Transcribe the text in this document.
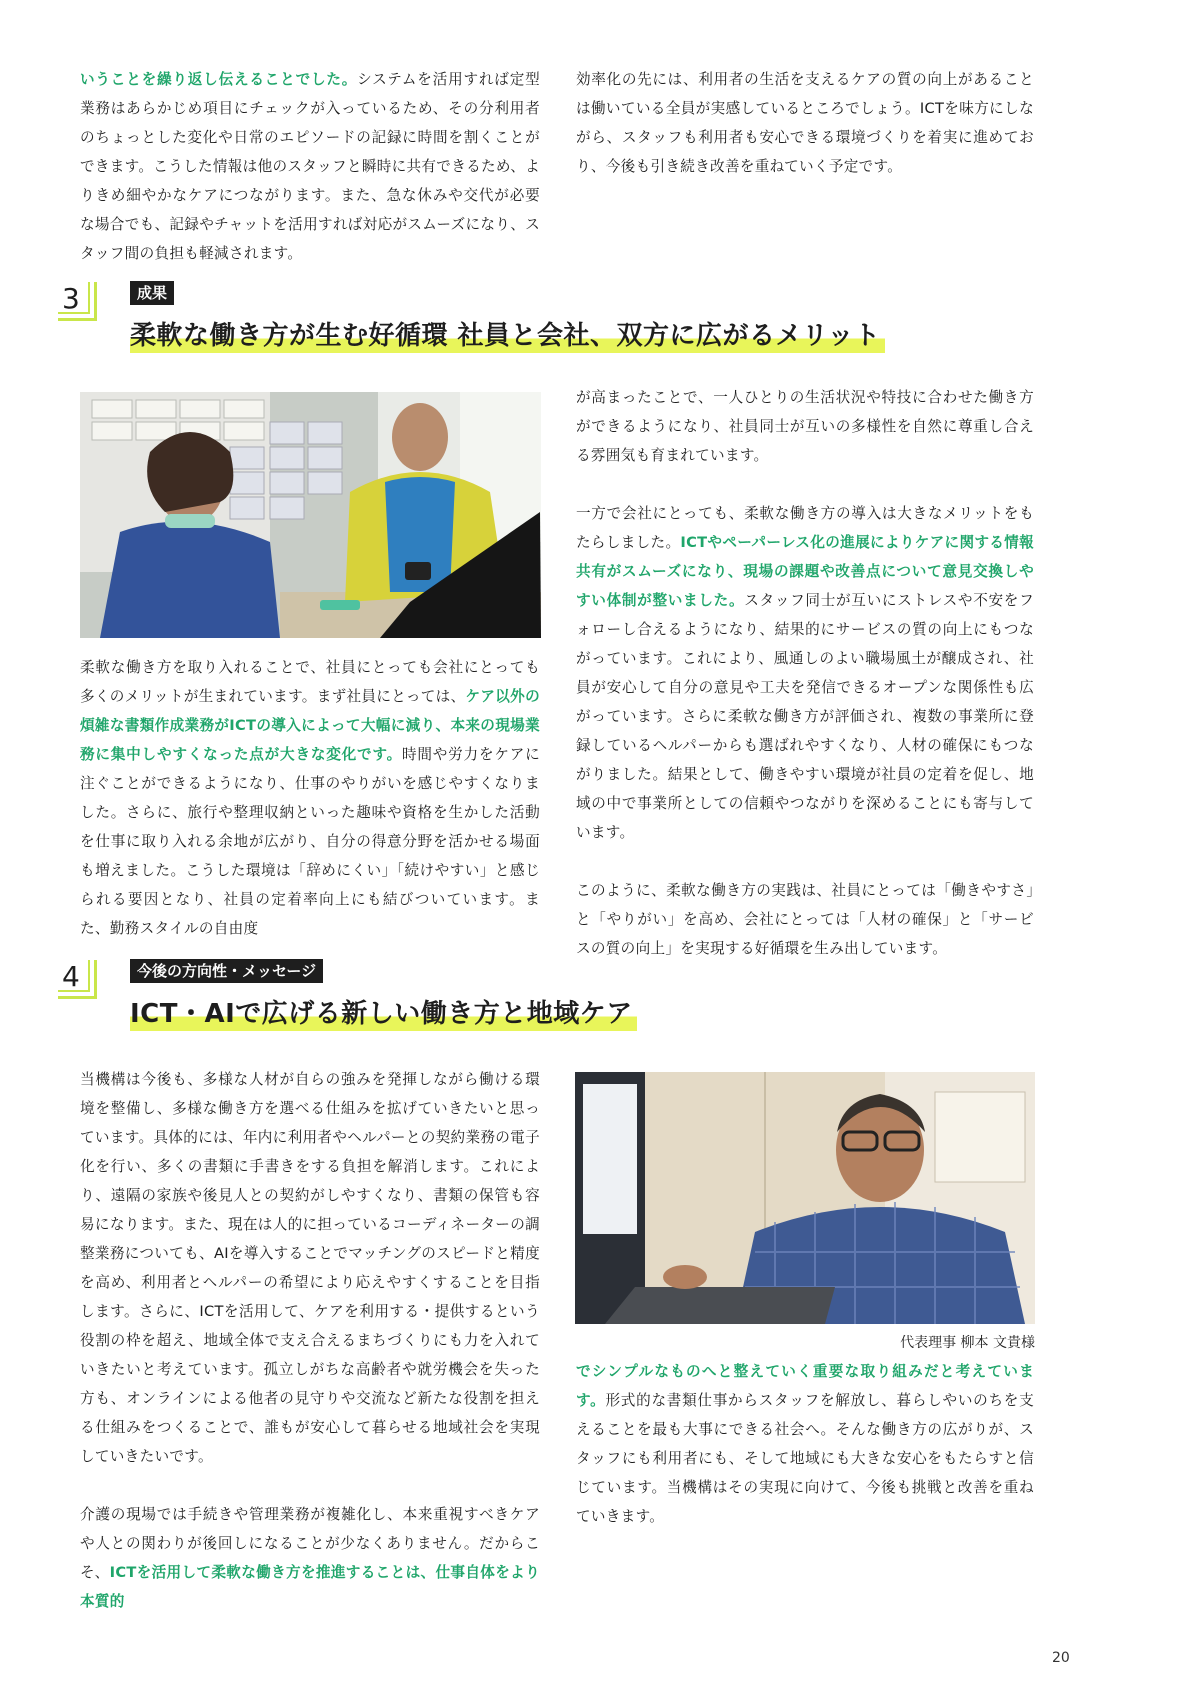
いうことを繰り返し伝えることでした。システムを活用すれば定型業務はあらかじめ項目にチェックが入っているため、その分利用者のちょっとした変化や日常のエピソードの記録に時間を割くことができます。こうした情報は他のスタッフと瞬時に共有できるため、よりきめ細やかなケアにつながります。また、急な休みや交代が必要な場合でも、記録やチャットを活用すれば対応がスムーズになり、スタッフ間の負担も軽減されます。

効率化の先には、利用者の生活を支えるケアの質の向上があることは働いている全員が実感しているところでしょう。ICTを味方にしながら、スタッフも利用者も安心できる環境づくりを着実に進めており、今後も引き続き改善を重ねていく予定です。

3	成果
柔軟な働き方が生む好循環 社員と会社、双方に広がるメリット

柔軟な働き方を取り入れることで、社員にとっても会社にとっても多くのメリットが生まれています。まず社員にとっては、ケア以外の煩雑な書類作成業務がICTの導入によって大幅に減り、本来の現場業務に集中しやすくなった点が大きな変化です。時間や労力をケアに注ぐことができるようになり、仕事のやりがいを感じやすくなりました。さらに、旅行や整理収納といった趣味や資格を生かした活動を仕事に取り入れる余地が広がり、自分の得意分野を活かせる場面も増えました。こうした環境は「辞めにくい」「続けやすい」と感じられる要因となり、社員の定着率向上にも結びついています。また、勤務スタイルの自由度

が高まったことで、一人ひとりの生活状況や特技に合わせた働き方ができるようになり、社員同士が互いの多様性を自然に尊重し合える雰囲気も育まれています。

一方で会社にとっても、柔軟な働き方の導入は大きなメリットをもたらしました。ICTやペーパーレス化の進展によりケアに関する情報共有がスムーズになり、現場の課題や改善点について意見交換しやすい体制が整いました。スタッフ同士が互いにストレスや不安をフォローし合えるようになり、結果的にサービスの質の向上にもつながっています。これにより、風通しのよい職場風土が醸成され、社員が安心して自分の意見や工夫を発信できるオープンな関係性も広がっています。さらに柔軟な働き方が評価され、複数の事業所に登録しているヘルパーからも選ばれやすくなり、人材の確保にもつながりました。結果として、働きやすい環境が社員の定着を促し、地域の中で事業所としての信頼やつながりを深めることにも寄与しています。

このように、柔軟な働き方の実践は、社員にとっては「働きやすさ」と「やりがい」を高め、会社にとっては「人材の確保」と「サービスの質の向上」を実現する好循環を生み出しています。

4	今後の方向性・メッセージ
ICT・AIで広げる新しい働き方と地域ケア

当機構は今後も、多様な人材が自らの強みを発揮しながら働ける環境を整備し、多様な働き方を選べる仕組みを拡げていきたいと思っています。具体的には、年内に利用者やヘルパーとの契約業務の電子化を行い、多くの書類に手書きをする負担を解消します。これにより、遠隔の家族や後見人との契約がしやすくなり、書類の保管も容易になります。また、現在は人的に担っているコーディネーターの調整業務についても、AIを導入することでマッチングのスピードと精度を高め、利用者とヘルパーの希望により応えやすくすることを目指します。さらに、ICTを活用して、ケアを利用する・提供するという役割の枠を超え、地域全体で支え合えるまちづくりにも力を入れていきたいと考えています。孤立しがちな高齢者や就労機会を失った方も、オンラインによる他者の見守りや交流など新たな役割を担える仕組みをつくることで、誰もが安心して暮らせる地域社会を実現していきたいです。

介護の現場では手続きや管理業務が複雑化し、本来重視すべきケアや人との関わりが後回しになることが少なくありません。だからこそ、ICTを活用して柔軟な働き方を推進することは、仕事自体をより本質的

代表理事 柳本 文貴様

でシンプルなものへと整えていく重要な取り組みだと考えています。形式的な書類仕事からスタッフを解放し、暮らしやいのちを支えることを最も大事にできる社会へ。そんな働き方の広がりが、スタッフにも利用者にも、そして地域にも大きな安心をもたらすと信じています。当機構はその実現に向けて、今後も挑戦と改善を重ねていきます。

20
